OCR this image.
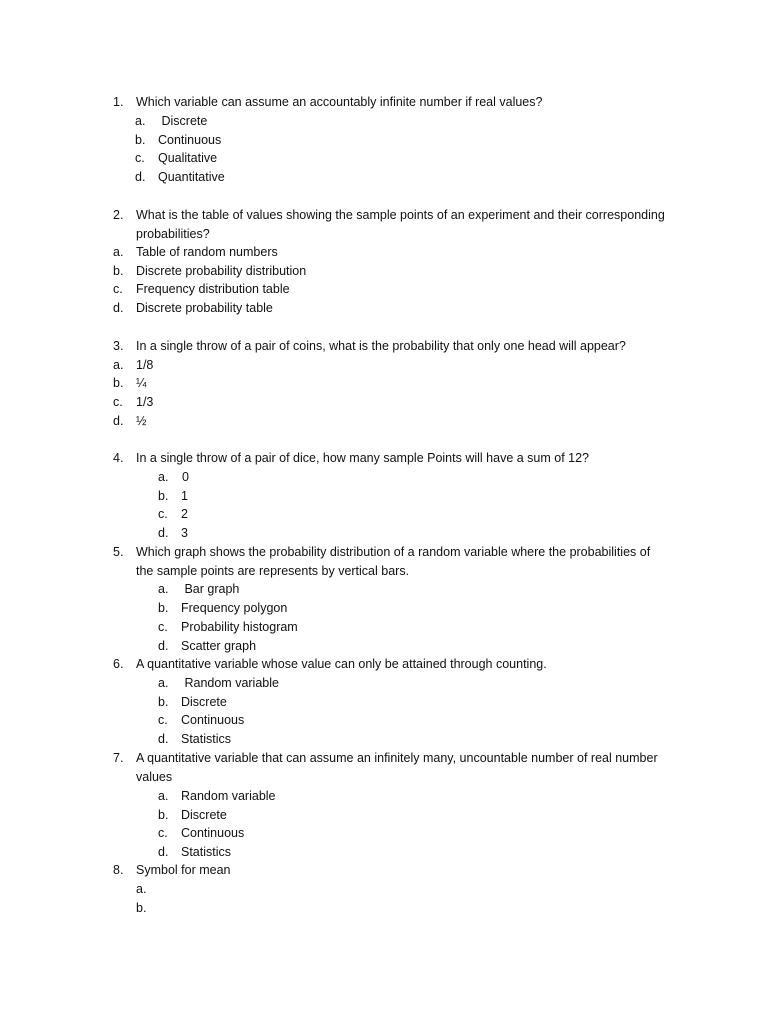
1. Which variable can assume an accountably infinite number if real values?
a. Discrete
b. Continuous
c. Qualitative
d. Quantitative
2. What is the table of values showing the sample points of an experiment and their corresponding
probabilities?
a. Table of random numbers
b. Discrete probability distribution
c. Frequency distribution table
d. Discrete probability table
3. In a single throw of a pair of coins, what is the probability that only one head will appear?
a. 1/8
b. ¼
c. 1/3
d. ½
4. In a single throw of a pair of dice, how many sample Points will have a sum of 12?
a. 0
b. 1
c. 2
d. 3
5. Which graph shows the probability distribution of a random variable where the probabilities of
the sample points are represents by vertical bars.
a. Bar graph
b. Frequency polygon
c. Probability histogram
d. Scatter graph
6. A quantitative variable whose value can only be attained through counting.
a. Random variable
b. Discrete
c. Continuous
d. Statistics
7. A quantitative variable that can assume an infinitely many, uncountable number of real number
values
a. Random variable
b. Discrete
c. Continuous
d. Statistics
8. Symbol for mean
a.
b.
